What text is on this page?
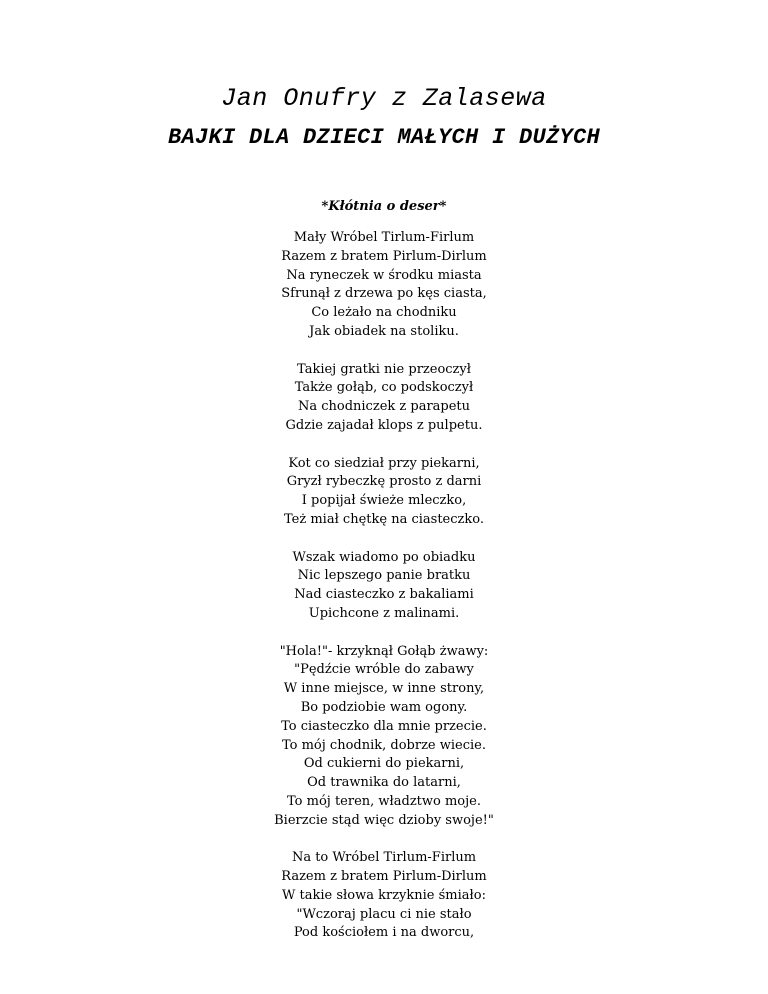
Jan Onufry z Zalasewa
BAJKI DLA DZIECI MAŁYCH I DUŻYCH
*Kłótnia o deser*
Mały Wróbel Tirlum-Firlum
Razem z bratem Pirlum-Dirlum
Na ryneczek w środku miasta
Sfrunął z drzewa po kęs ciasta,
Co leżało na chodniku
Jak obiadek na stoliku.
Takiej gratki nie przeoczył
Także gołąb, co podskoczył
Na chodniczek z parapetu
Gdzie zajadał klops z pulpetu.
Kot co siedział przy piekarni,
Gryzł rybeczkę prosto z darni
I popijał świeże mleczko,
Też miał chętkę na ciasteczko.
Wszak wiadomo po obiadku
Nic lepszego panie bratku
Nad ciasteczko z bakaliami
Upichcone z malinami.
"Hola!"- krzyknął Gołąb żwawy:
"Pędźcie wróble do zabawy
W inne miejsce, w inne strony,
Bo podziobie wam ogony.
To ciasteczko dla mnie przecie.
To mój chodnik, dobrze wiecie.
Od cukierni do piekarni,
Od trawnika do latarni,
To mój teren, władztwo moje.
Bierzcie stąd więc dzioby swoje!"
Na to Wróbel Tirlum-Firlum
Razem z bratem Pirlum-Dirlum
W takie słowa krzyknie śmiało:
"Wczoraj placu ci nie stało
Pod kościołem i na dworcu,
